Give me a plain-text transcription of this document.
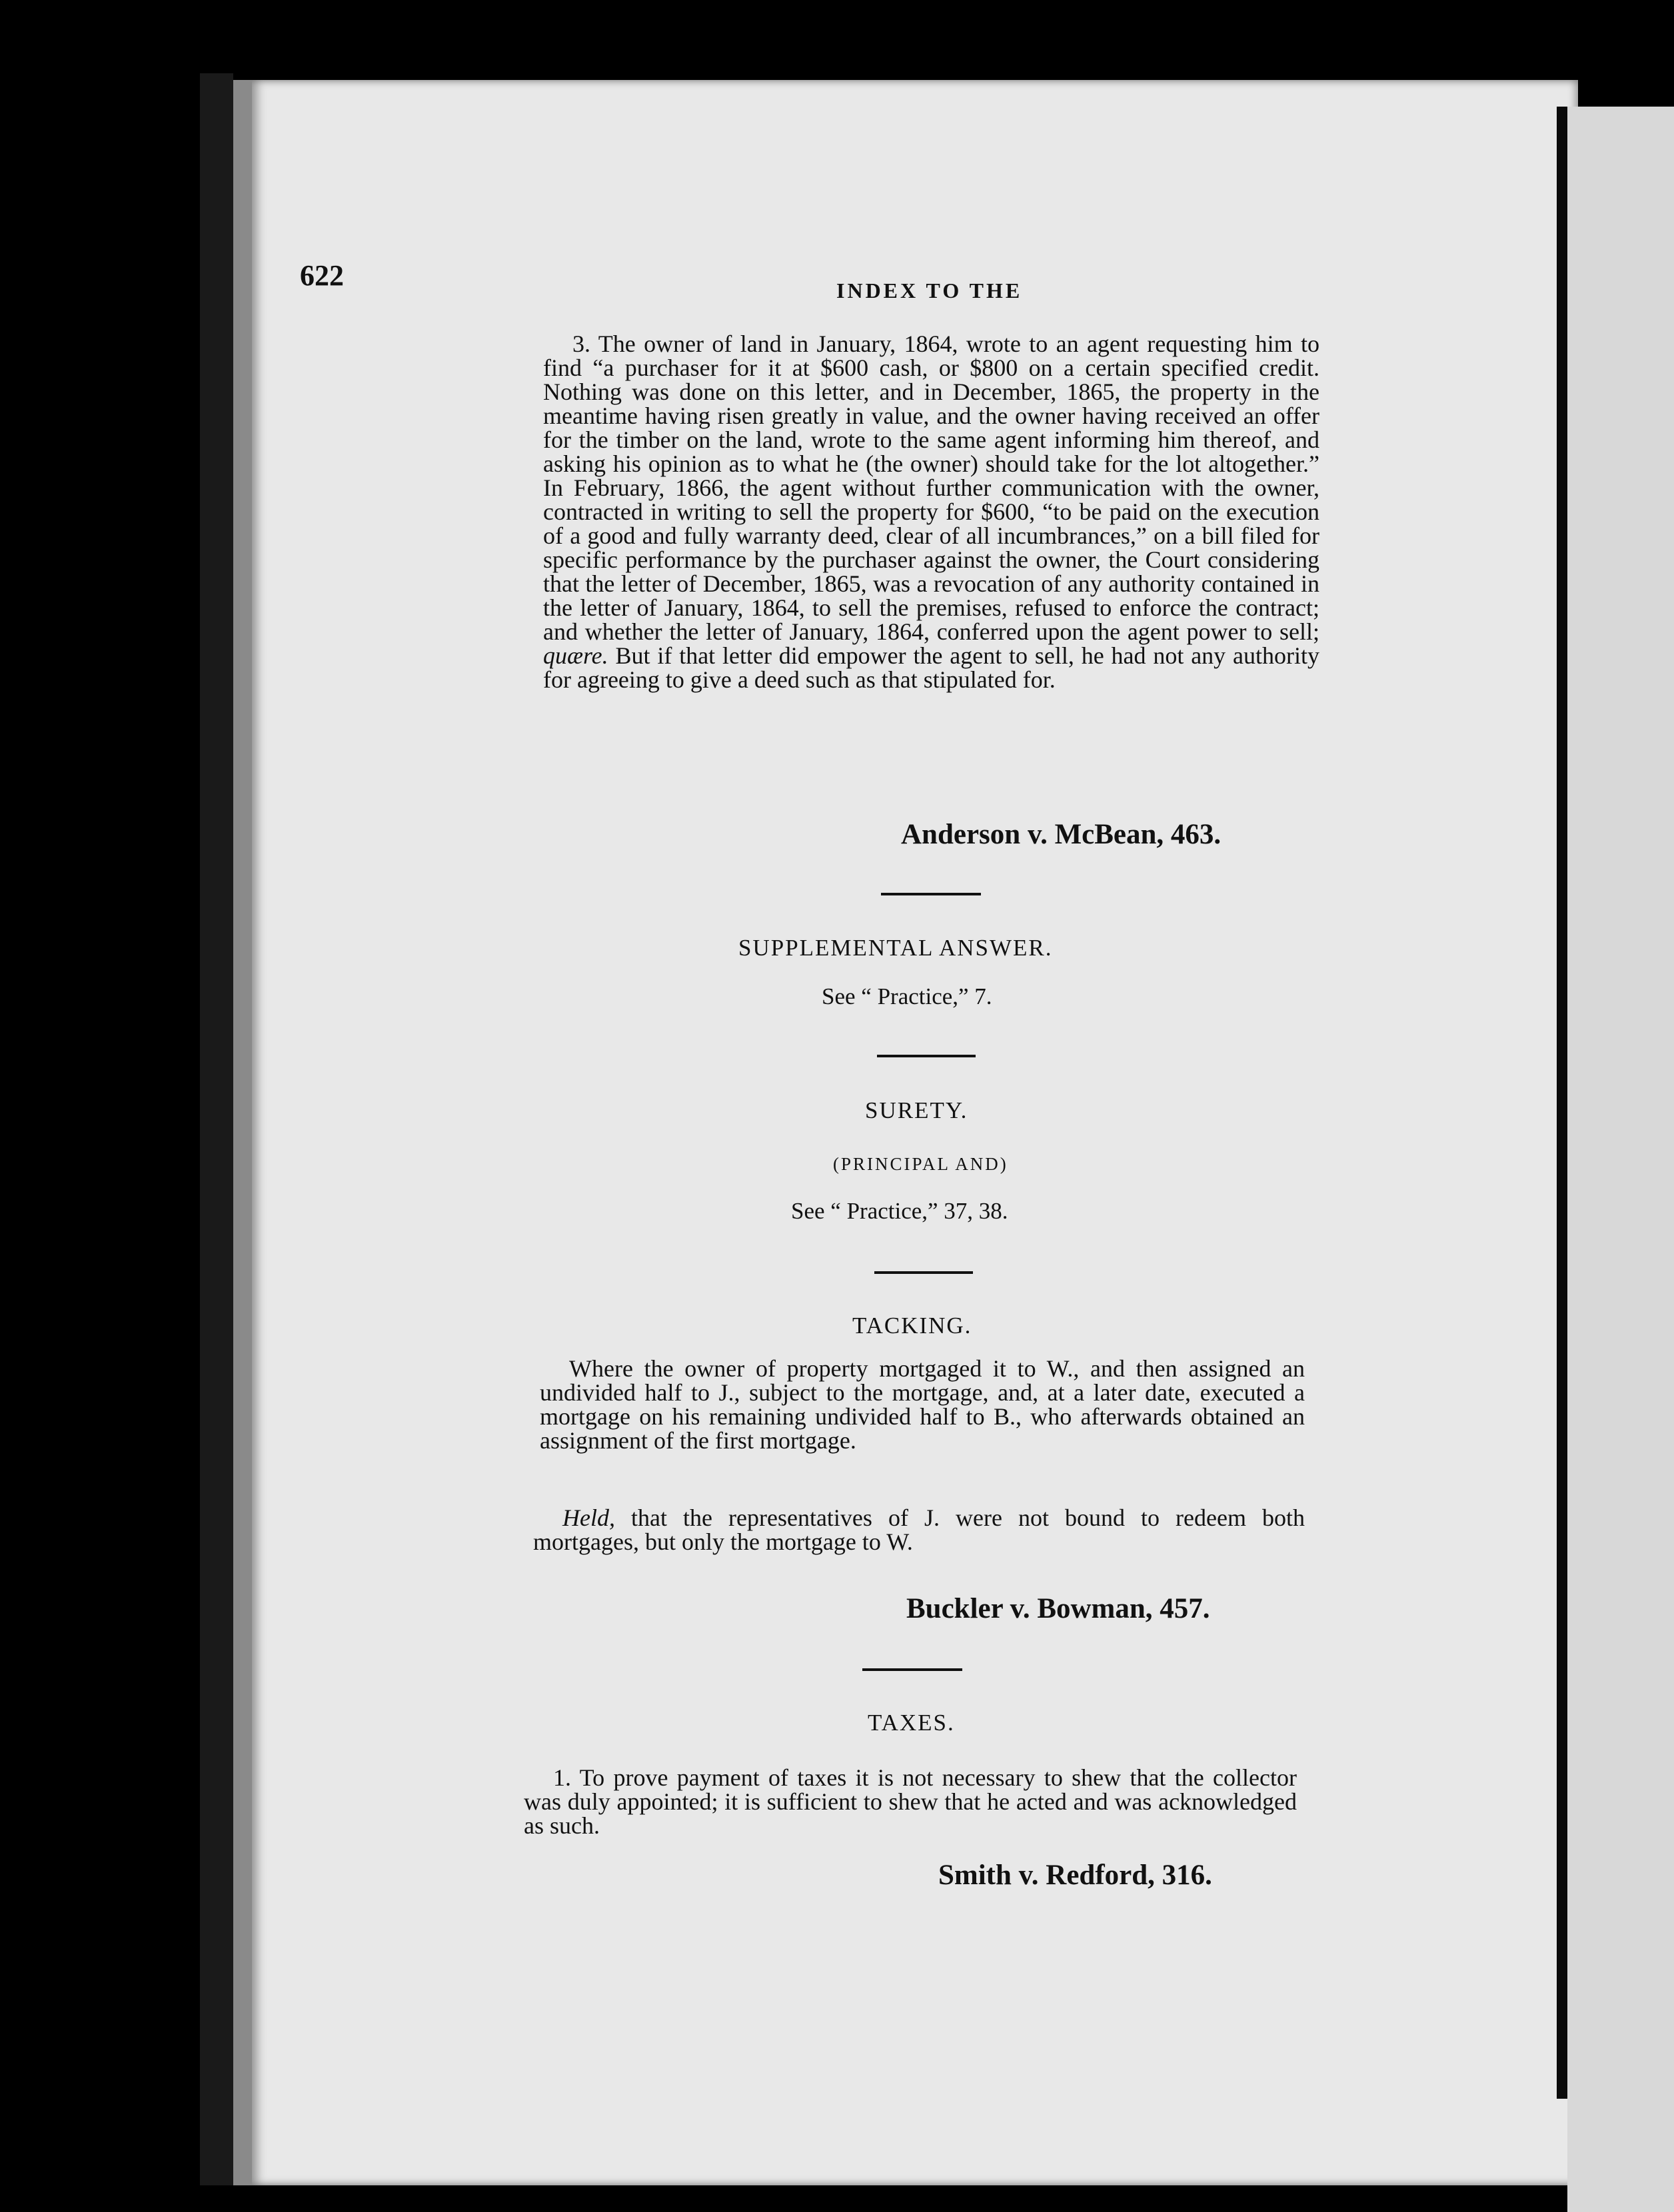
622	INDEX TO THE
3. The owner of land in January, 1864, wrote to an agent requesting him to find “a purchaser for it at $600 cash, or $800 on a certain specified credit. Nothing was done on this letter, and in December, 1865, the property in the meantime having risen greatly in value, and the owner having received an offer for the timber on the land, wrote to the same agent informing him thereof, and asking his opinion as to what he (the owner) should take for the lot altogether.” In February, 1866, the agent without further communication with the owner, contracted in writing to sell the property for $600, “to be paid on the execution of a good and fully warranty deed, clear of all incumbrances,” on a bill filed for specific performance by the purchaser against the owner, the Court considering that the letter of December, 1865, was a revocation of any authority contained in the letter of January, 1864, to sell the premises, refused to enforce the contract; and whether the letter of January, 1864, conferred upon the agent power to sell; quære. But if that letter did empower the agent to sell, he had not any authority for agreeing to give a deed such as that stipulated for.
Anderson v. McBean, 463.
SUPPLEMENTAL ANSWER.
See “ Practice,” 7.
SURETY.
(PRINCIPAL AND)
See “ Practice,” 37, 38.
TACKING.
Where the owner of property mortgaged it to W., and then assigned an undivided half to J., subject to the mortgage, and, at a later date, executed a mortgage on his remaining undivided half to B., who afterwards obtained an assignment of the first mortgage.
Held, that the representatives of J. were not bound to redeem both mortgages, but only the mortgage to W.
Buckler v. Bowman, 457.
TAXES.
1. To prove payment of taxes it is not necessary to shew that the collector was duly appointed; it is sufficient to shew that he acted and was acknowledged as such.
Smith v. Redford, 316.
